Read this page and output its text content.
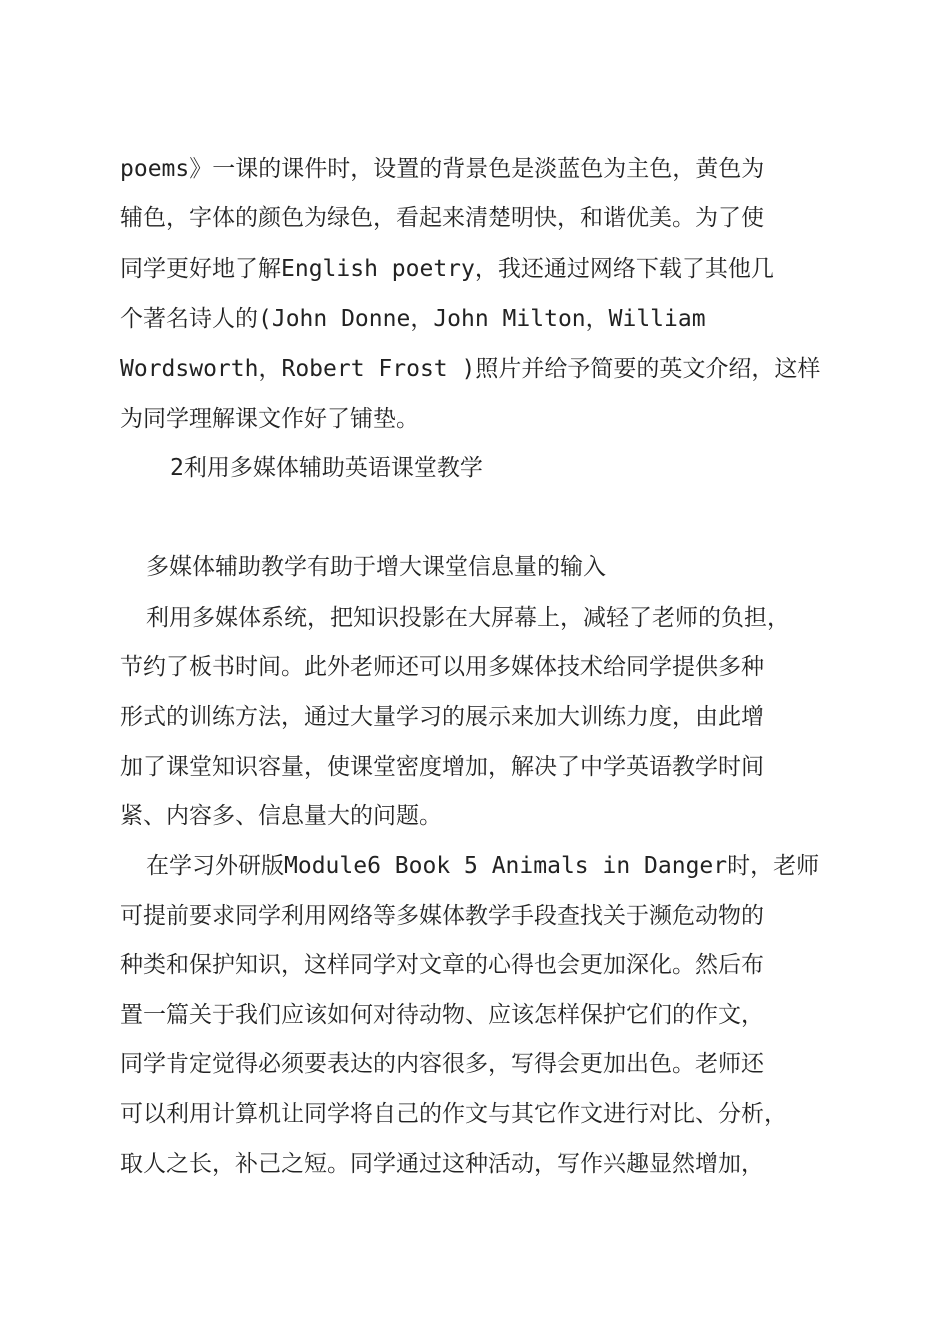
poems》一课的课件时，设置的背景色是淡蓝色为主色，黄色为
辅色，字体的颜色为绿色，看起来清楚明快，和谐优美。为了使
同学更好地了解English poetry，我还通过网络下载了其他几
个著名诗人的(John Donne，John Milton，William
Wordsworth，Robert Frost )照片并给予简要的英文介绍，这样
为同学理解课文作好了铺垫。
2利用多媒体辅助英语课堂教学
多媒体辅助教学有助于增大课堂信息量的输入
利用多媒体系统，把知识投影在大屏幕上，减轻了老师的负担，
节约了板书时间。此外老师还可以用多媒体技术给同学提供多种
形式的训练方法，通过大量学习的展示来加大训练力度，由此增
加了课堂知识容量，使课堂密度增加，解决了中学英语教学时间
紧、内容多、信息量大的问题。
在学习外研版Module6 Book 5 Animals in Danger时，老师
可提前要求同学利用网络等多媒体教学手段查找关于濒危动物的
种类和保护知识，这样同学对文章的心得也会更加深化。然后布
置一篇关于我们应该如何对待动物、应该怎样保护它们的作文，
同学肯定觉得必须要表达的内容很多，写得会更加出色。老师还
可以利用计算机让同学将自己的作文与其它作文进行对比、分析，
取人之长，补己之短。同学通过这种活动，写作兴趣显然增加，
